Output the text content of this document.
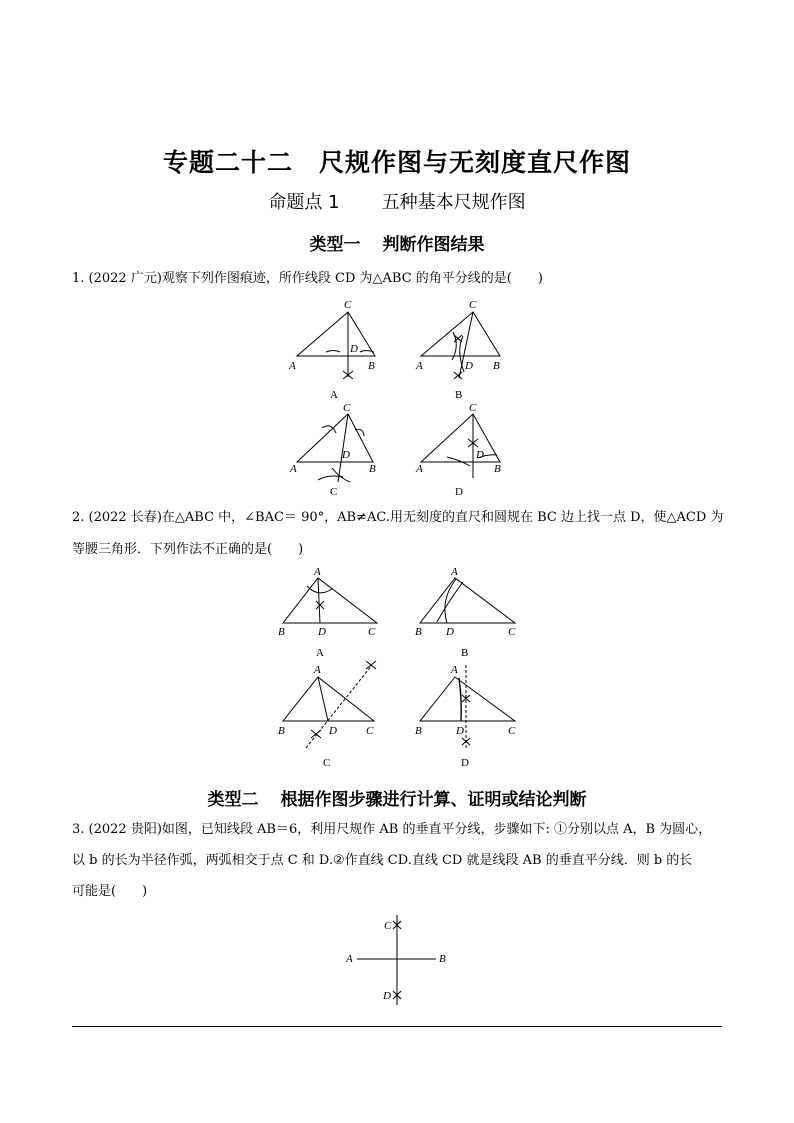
专题二十二　尺规作图与无刻度直尺作图
命题点 1 五种基本尺规作图
类型一 判断作图结果
1. (2022 广元)观察下列作图痕迹，所作线段 CD 为△ABC 的角平分线的是(　　)
C
A	B
D
A
C
A	B
D
B
C
A	B
D
C
C
A	B
D
D
2. (2022 长春)在△ABC 中，∠BAC＝ 90°，AB≠AC.用无刻度的直尺和圆规在 BC 边上找一点 D，使△ACD 为
等腰三角形．下列作法不正确的是(　　)
A
B	D	C
A
A
B D	C
B
A
B	D	C
C
A
B	D	C
D
类型二 根据作图步骤进行计算、证明或结论判断
3. (2022 贵阳)如图，已知线段 AB＝6，利用尺规作 AB 的垂直平分线，步骤如下: ①分别以点 A，B 为圆心，
以 b 的长为半径作弧，两弧相交于点 C 和 D.②作直线 CD.直线 CD 就是线段 AB 的垂直平分线．则 b 的长
可能是(　　)
C
A	B
D
